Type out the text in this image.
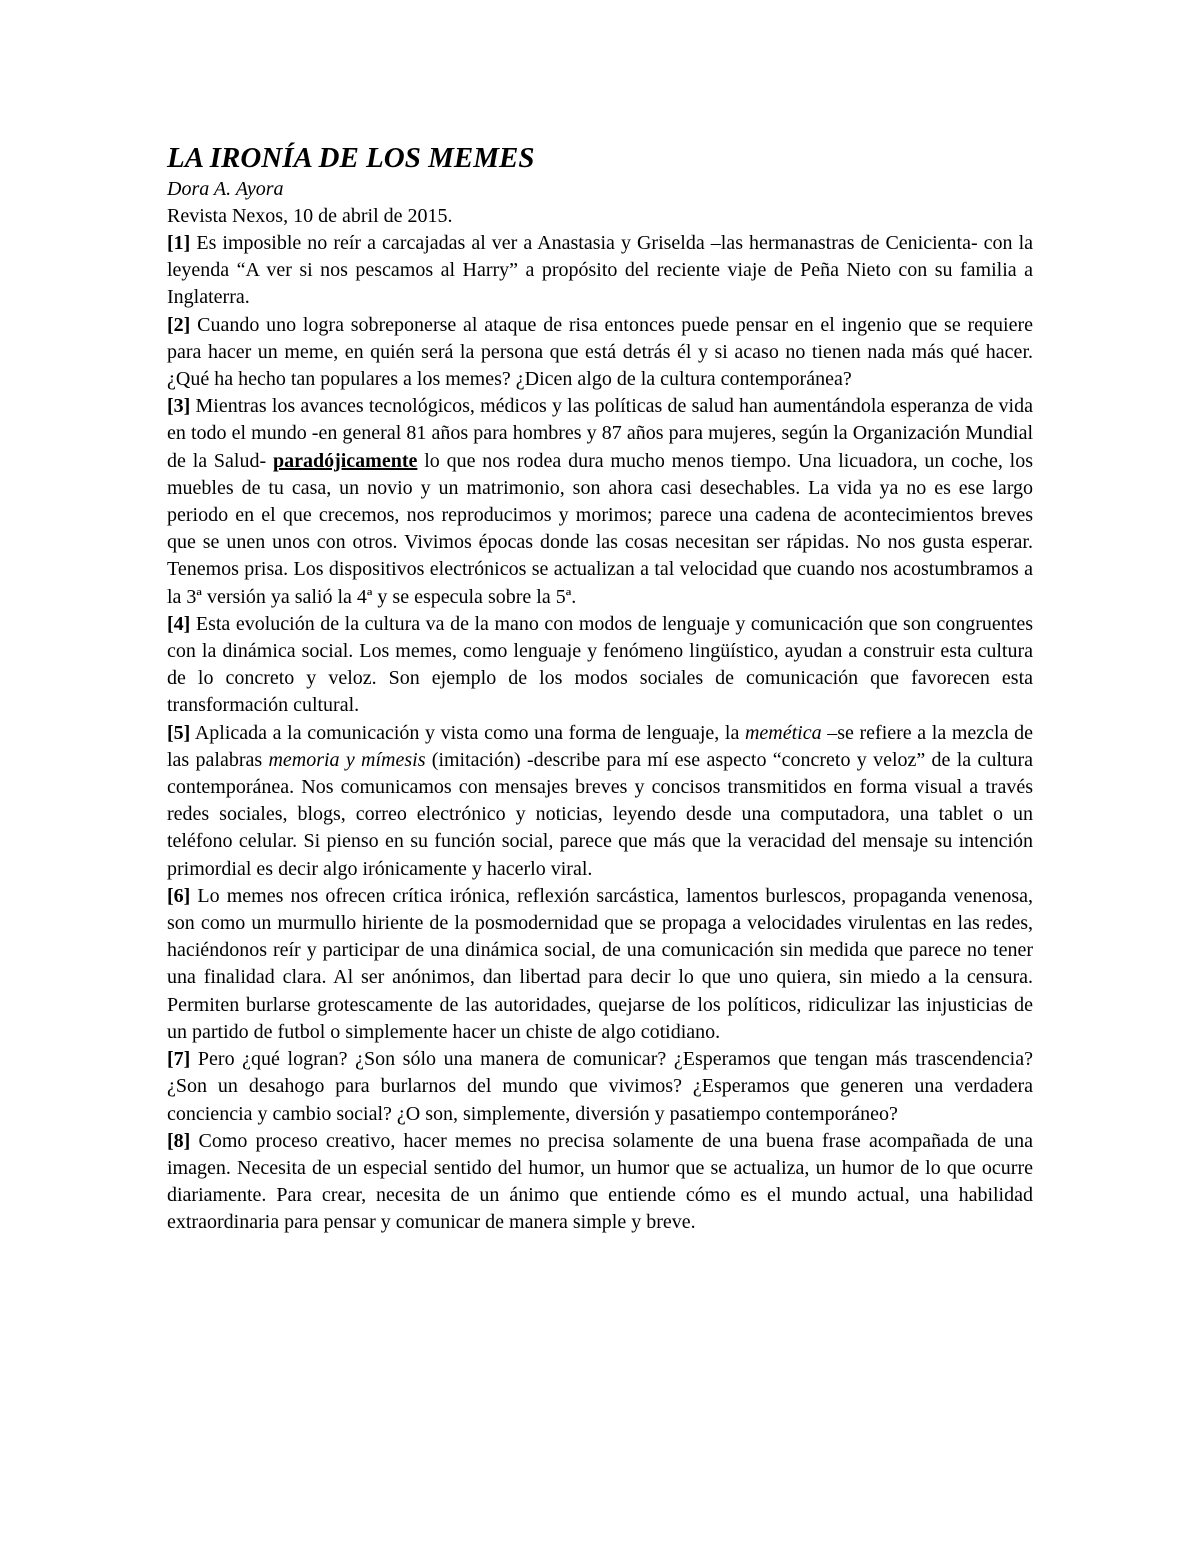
LA IRONÍA DE LOS MEMES

Dora A. Ayora

Revista Nexos, 10 de abril de 2015.

[1] Es imposible no reír a carcajadas al ver a Anastasia y Griselda –las hermanastras de Cenicienta- con la leyenda “A ver si nos pescamos al Harry” a propósito del reciente viaje de Peña Nieto con su familia a Inglaterra.

[2] Cuando uno logra sobreponerse al ataque de risa entonces puede pensar en el ingenio que se requiere para hacer un meme, en quién será la persona que está detrás él y si acaso no tienen nada más qué hacer. ¿Qué ha hecho tan populares a los memes? ¿Dicen algo de la cultura contemporánea?

[3] Mientras los avances tecnológicos, médicos y las políticas de salud han aumentándola esperanza de vida en todo el mundo -en general 81 años para hombres y 87 años para mujeres, según la Organización Mundial de la Salud- paradójicamente lo que nos rodea dura mucho menos tiempo. Una licuadora, un coche, los muebles de tu casa, un novio y un matrimonio, son ahora casi desechables. La vida ya no es ese largo periodo en el que crecemos, nos reproducimos y morimos; parece una cadena de acontecimientos breves que se unen unos con otros. Vivimos épocas donde las cosas necesitan ser rápidas. No nos gusta esperar. Tenemos prisa. Los dispositivos electrónicos se actualizan a tal velocidad que cuando nos acostumbramos a la 3ª versión ya salió la 4ª y se especula sobre la 5ª.

[4] Esta evolución de la cultura va de la mano con modos de lenguaje y comunicación que son congruentes con la dinámica social. Los memes, como lenguaje y fenómeno lingüístico, ayudan a construir esta cultura de lo concreto y veloz. Son ejemplo de los modos sociales de comunicación que favorecen esta transformación cultural.

[5] Aplicada a la comunicación y vista como una forma de lenguaje, la memética –se refiere a la mezcla de las palabras memoria y mímesis (imitación) -describe para mí ese aspecto “concreto y veloz” de la cultura contemporánea. Nos comunicamos con mensajes breves y concisos transmitidos en forma visual a través redes sociales, blogs, correo electrónico y noticias, leyendo desde una computadora, una tablet o un teléfono celular. Si pienso en su función social, parece que más que la veracidad del mensaje su intención primordial es decir algo irónicamente y hacerlo viral.

[6] Lo memes nos ofrecen crítica irónica, reflexión sarcástica, lamentos burlescos, propaganda venenosa, son como un murmullo hiriente de la posmodernidad que se propaga a velocidades virulentas en las redes, haciéndonos reír y participar de una dinámica social, de una comunicación sin medida que parece no tener una finalidad clara. Al ser anónimos, dan libertad para decir lo que uno quiera, sin miedo a la censura. Permiten burlarse grotescamente de las autoridades, quejarse de los políticos, ridiculizar las injusticias de un partido de futbol o simplemente hacer un chiste de algo cotidiano.

[7] Pero ¿qué logran? ¿Son sólo una manera de comunicar? ¿Esperamos que tengan más trascendencia? ¿Son un desahogo para burlarnos del mundo que vivimos? ¿Esperamos que generen una verdadera conciencia y cambio social? ¿O son, simplemente, diversión y pasatiempo contemporáneo?

[8] Como proceso creativo, hacer memes no precisa solamente de una buena frase acompañada de una imagen. Necesita de un especial sentido del humor, un humor que se actualiza, un humor de lo que ocurre diariamente. Para crear, necesita de un ánimo que entiende cómo es el mundo actual, una habilidad extraordinaria para pensar y comunicar de manera simple y breve.
